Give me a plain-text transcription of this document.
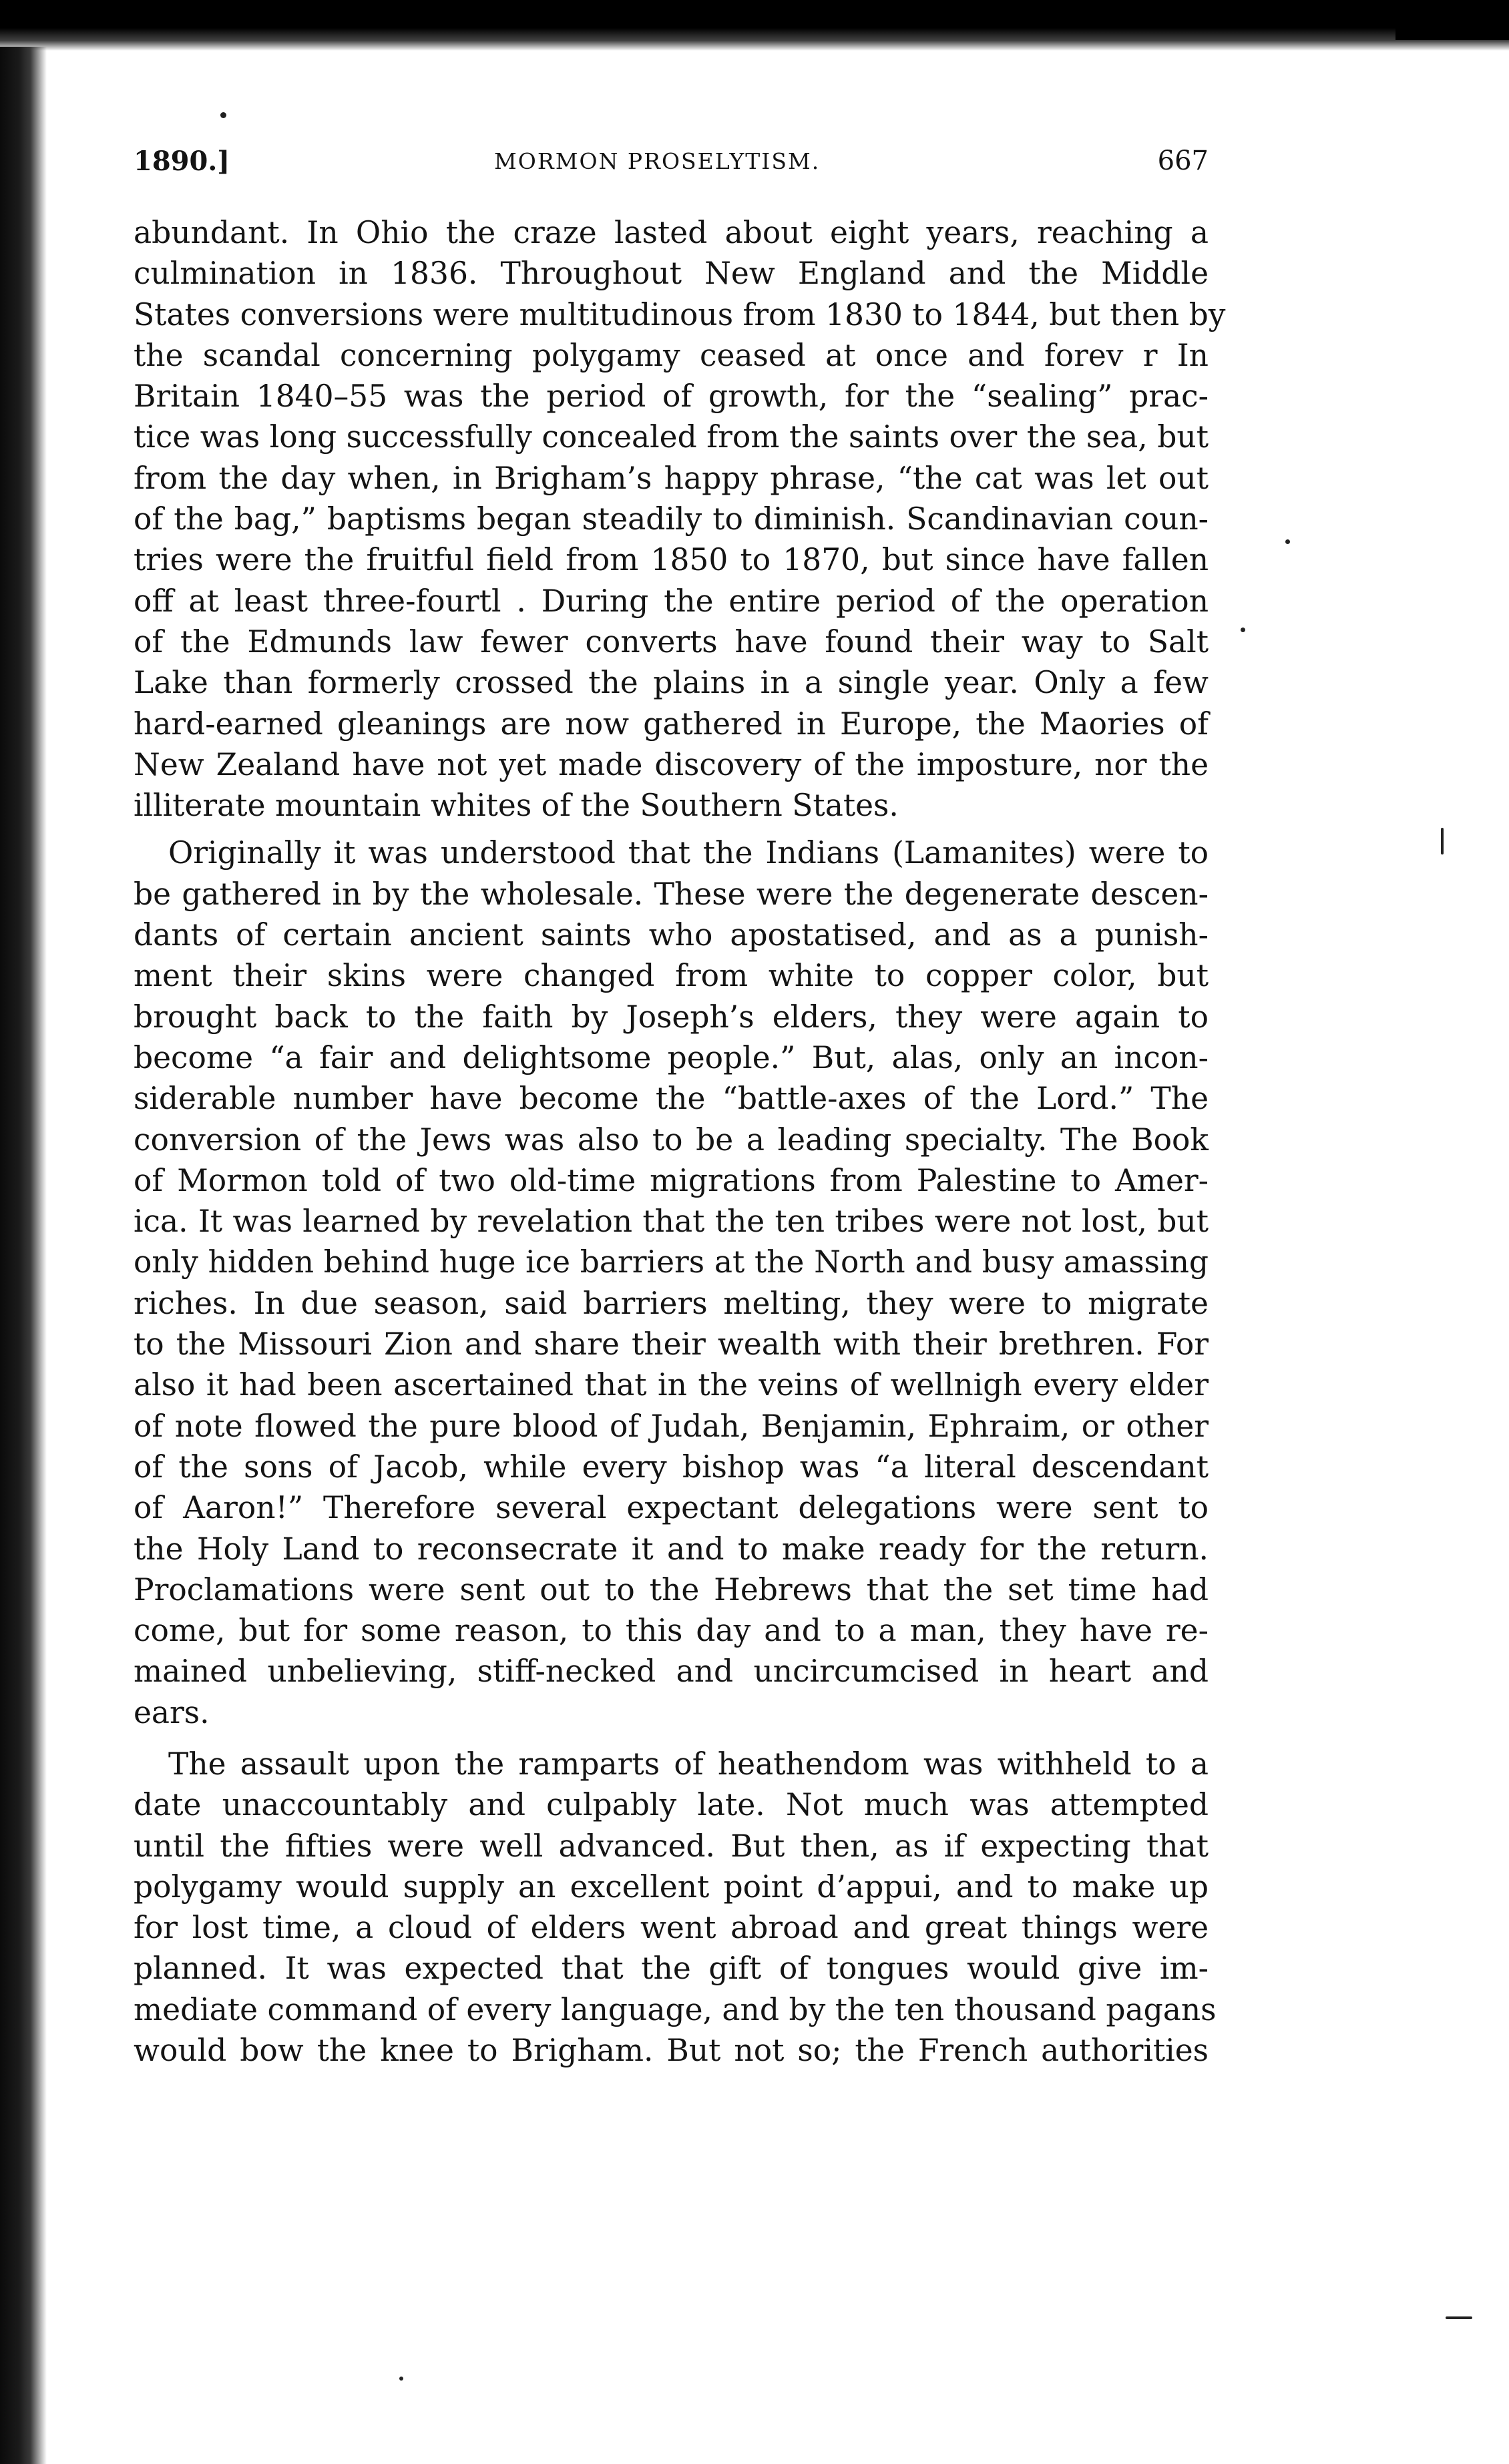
1890.]	MORMON PROSELYTISM.	667
abundant. In Ohio the craze lasted about eight years, reaching a
culmination in 1836. Throughout New England and the Middle
States conversions were multitudinous from 1830 to 1844, but then by
the scandal concerning polygamy ceased at once and forev r In
Britain 1840–55 was the period of growth, for the “sealing” prac-
tice was long successfully concealed from the saints over the sea, but
from the day when, in Brigham’s happy phrase, “the cat was let out
of the bag,” baptisms began steadily to diminish. Scandinavian coun-
tries were the fruitful field from 1850 to 1870, but since have fallen
off at least three-fourtl . During the entire period of the operation
of the Edmunds law fewer converts have found their way to Salt
Lake than formerly crossed the plains in a single year. Only a few
hard-earned gleanings are now gathered in Europe, the Maories of
New Zealand have not yet made discovery of the imposture, nor the
illiterate mountain whites of the Southern States.
Originally it was understood that the Indians (Lamanites) were to
be gathered in by the wholesale. These were the degenerate descen-
dants of certain ancient saints who apostatised, and as a punish-
ment their skins were changed from white to copper color, but
brought back to the faith by Joseph’s elders, they were again to
become “a fair and delightsome people.” But, alas, only an incon-
siderable number have become the “battle-axes of the Lord.” The
conversion of the Jews was also to be a leading specialty. The Book
of Mormon told of two old-time migrations from Palestine to Amer-
ica. It was learned by revelation that the ten tribes were not lost, but
only hidden behind huge ice barriers at the North and busy amassing
riches. In due season, said barriers melting, they were to migrate
to the Missouri Zion and share their wealth with their brethren. For
also it had been ascertained that in the veins of wellnigh every elder
of note flowed the pure blood of Judah, Benjamin, Ephraim, or other
of the sons of Jacob, while every bishop was “a literal descendant
of Aaron!” Therefore several expectant delegations were sent to
the Holy Land to reconsecrate it and to make ready for the return.
Proclamations were sent out to the Hebrews that the set time had
come, but for some reason, to this day and to a man, they have re-
mained unbelieving, stiff-necked and uncircumcised in heart and
ears.
The assault upon the ramparts of heathendom was withheld to a
date unaccountably and culpably late. Not much was attempted
until the fifties were well advanced. But then, as if expecting that
polygamy would supply an excellent point d’appui, and to make up
for lost time, a cloud of elders went abroad and great things were
planned. It was expected that the gift of tongues would give im-
mediate command of every language, and by the ten thousand pagans
would bow the knee to Brigham. But not so; the French authorities
